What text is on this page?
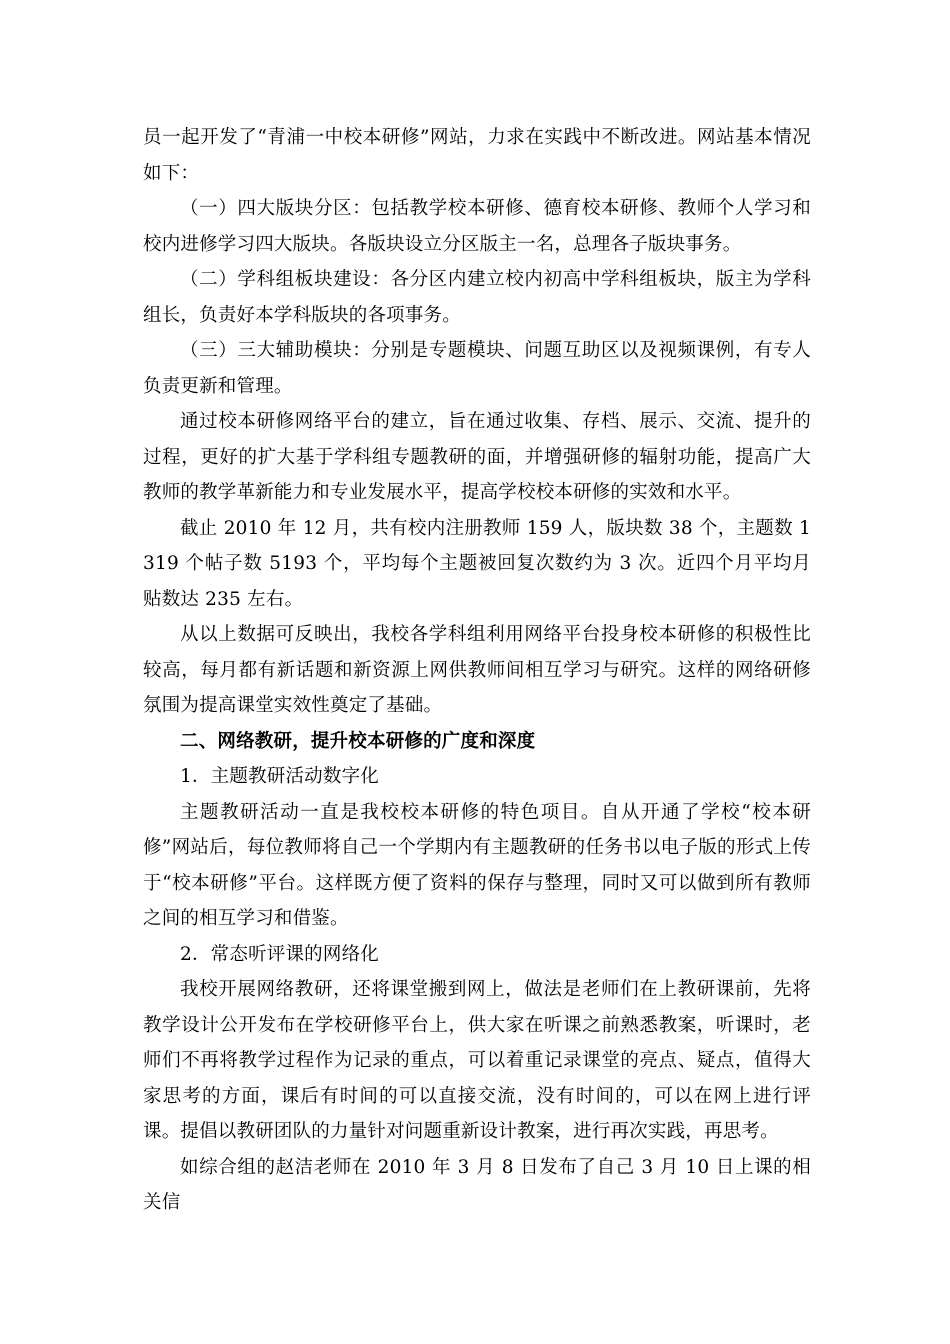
员一起开发了“青浦一中校本研修”网站，力求在实践中不断改进。网站基本情况如下：

（一）四大版块分区：包括教学校本研修、德育校本研修、教师个人学习和校内进修学习四大版块。各版块设立分区版主一名，总理各子版块事务。

（二）学科组板块建设：各分区内建立校内初高中学科组板块，版主为学科组长，负责好本学科版块的各项事务。

（三）三大辅助模块：分别是专题模块、问题互助区以及视频课例，有专人负责更新和管理。

通过校本研修网络平台的建立，旨在通过收集、存档、展示、交流、提升的过程，更好的扩大基于学科组专题教研的面，并增强研修的辐射功能，提高广大教师的教学革新能力和专业发展水平，提高学校校本研修的实效和水平。

截止 2010 年 12 月，共有校内注册教师 159 人，版块数 38 个，主题数 1319 个帖子数 5193 个，平均每个主题被回复次数约为 3 次。近四个月平均月贴数达 235 左右。

从以上数据可反映出，我校各学科组利用网络平台投身校本研修的积极性比较高，每月都有新话题和新资源上网供教师间相互学习与研究。这样的网络研修氛围为提高课堂实效性奠定了基础。

二、网络教研，提升校本研修的广度和深度

1．主题教研活动数字化

主题教研活动一直是我校校本研修的特色项目。自从开通了学校“校本研修”网站后，每位教师将自己一个学期内有主题教研的任务书以电子版的形式上传于“校本研修”平台。这样既方便了资料的保存与整理，同时又可以做到所有教师之间的相互学习和借鉴。

2．常态听评课的网络化

我校开展网络教研，还将课堂搬到网上，做法是老师们在上教研课前，先将教学设计公开发布在学校研修平台上，供大家在听课之前熟悉教案，听课时，老师们不再将教学过程作为记录的重点，可以着重记录课堂的亮点、疑点，值得大家思考的方面，课后有时间的可以直接交流，没有时间的，可以在网上进行评课。提倡以教研团队的力量针对问题重新设计教案，进行再次实践，再思考。

如综合组的赵洁老师在 2010 年 3 月 8 日发布了自己 3 月 10 日上课的相关信
